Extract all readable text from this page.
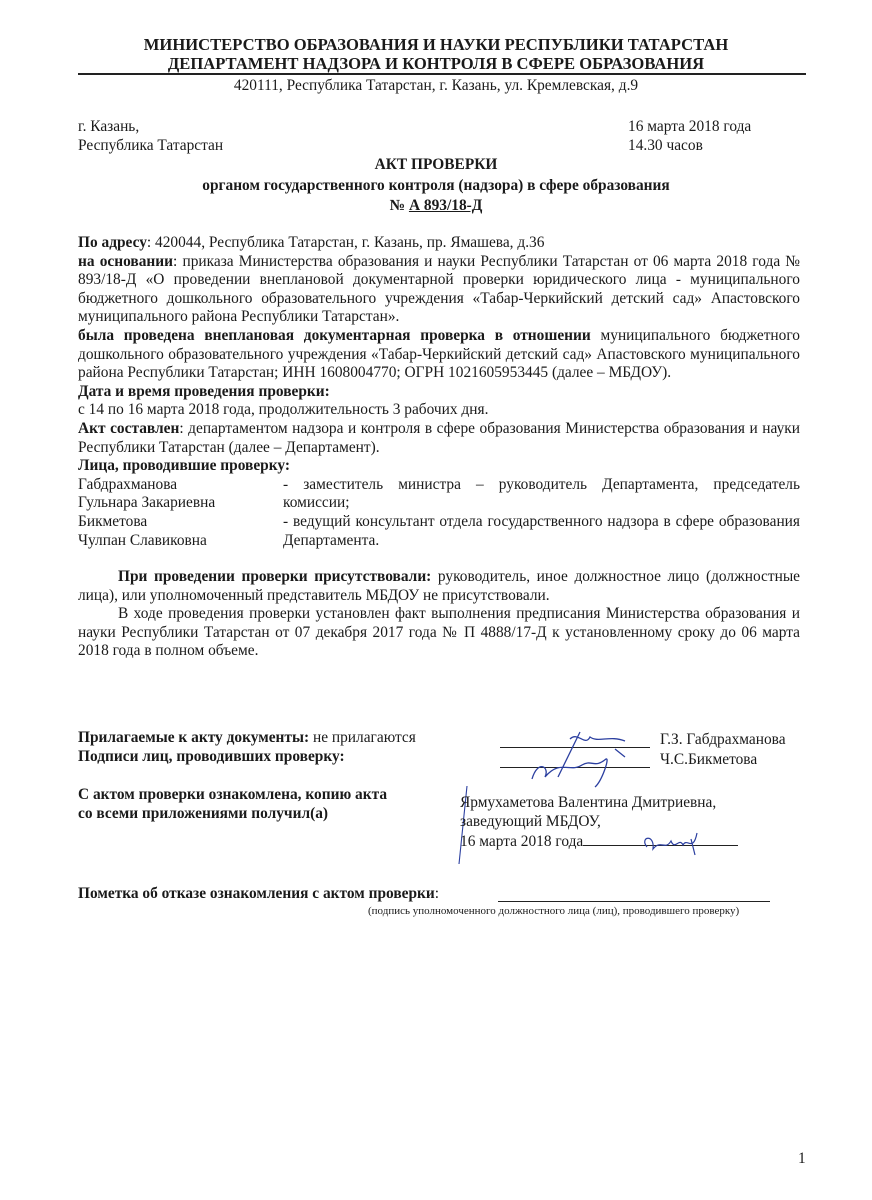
МИНИСТЕРСТВО ОБРАЗОВАНИЯ И НАУКИ РЕСПУБЛИКИ ТАТАРСТАН
ДЕПАРТАМЕНТ НАДЗОРА И КОНТРОЛЯ В СФЕРЕ ОБРАЗОВАНИЯ
420111, Республика Татарстан, г. Казань, ул. Кремлевская, д.9
г. Казань,
Республика Татарстан
16 марта 2018 года
14.30 часов
АКТ ПРОВЕРКИ
органом государственного контроля (надзора) в сфере образования
№ А 893/18-Д
По адресу: 420044, Республика Татарстан, г. Казань, пр. Ямашева, д.36
на основании: приказа Министерства образования и науки Республики Татарстан от 06 марта 2018 года № 893/18-Д «О проведении внеплановой документарной проверки юридического лица - муниципального бюджетного дошкольного образовательного учреждения «Табар-Черкийский детский сад» Апастовского муниципального района Республики Татарстан».
была проведена внеплановая документарная проверка в отношении муниципального бюджетного дошкольного образовательного учреждения «Табар-Черкийский детский сад» Апастовского муниципального района Республики Татарстан; ИНН 1608004770; ОГРН 1021605953445 (далее – МБДОУ).
Дата и время проведения проверки:
с 14 по 16 марта 2018 года, продолжительность 3 рабочих дня.
Акт составлен: департаментом надзора и контроля в сфере образования Министерства образования и науки Республики Татарстан (далее – Департамент).
Лица, проводившие проверку:
Габдрахманова
Гульнара Закариевна
- заместитель министра – руководитель Департамента, председатель комиссии;
Бикметова
Чулпан Славиковна
- ведущий консультант отдела государственного надзора в сфере образования Департамента.
При проведении проверки присутствовали: руководитель, иное должностное лицо (должностные лица), или уполномоченный представитель МБДОУ не присутствовали.
В ходе проведения проверки установлен факт выполнения предписания Министерства образования и науки Республики Татарстан от 07 декабря 2017 года № П 4888/17-Д к установленному сроку до 06 марта 2018 года в полном объеме.
Прилагаемые к акту документы: не прилагаются
Подписи лиц, проводивших проверку:
С актом проверки ознакомлена, копию акта
со всеми приложениями получил(а)
Г.З. Габдрахманова
Ч.С.Бикметова
Ярмухаметова Валентина Дмитриевна,
заведующий МБДОУ,
16 марта 2018 года
Пометка об отказе ознакомления с актом проверки:
(подпись уполномоченного должностного лица (лиц), проводившего проверку)
1
